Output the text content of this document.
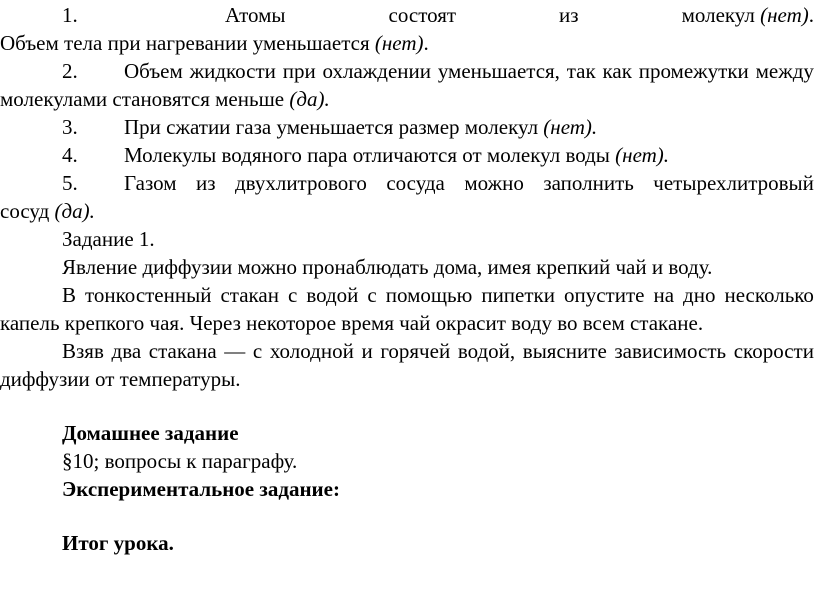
1.	Атомы	состоят	из	молекул (нет).
Объем тела при нагревании уменьшается (нет).
2. Объем жидкости при охлаждении уменьшается, так как промежутки между
молекулами становятся меньше (да).
3. При сжатии газа уменьшается размер молекул (нет).
4. Молекулы водяного пара отличаются от молекул воды (нет).
5. Газом из двухлитрового сосуда можно заполнить четырехлитровый
сосуд (да).
Задание 1.
Явление диффузии можно пронаблюдать дома, имея крепкий чай и воду.
В тонкостенный стакан с водой с помощью пипетки опустите на дно несколько
капель крепкого чая. Через некоторое время чай окрасит воду во всем стакане.
Взяв два стакана — с холодной и горячей водой, выясните зависимость скорости
диффузии от температуры.
Домашнее задание
§10; вопросы к параграфу.
Экспериментальное задание:
Итог урока.
